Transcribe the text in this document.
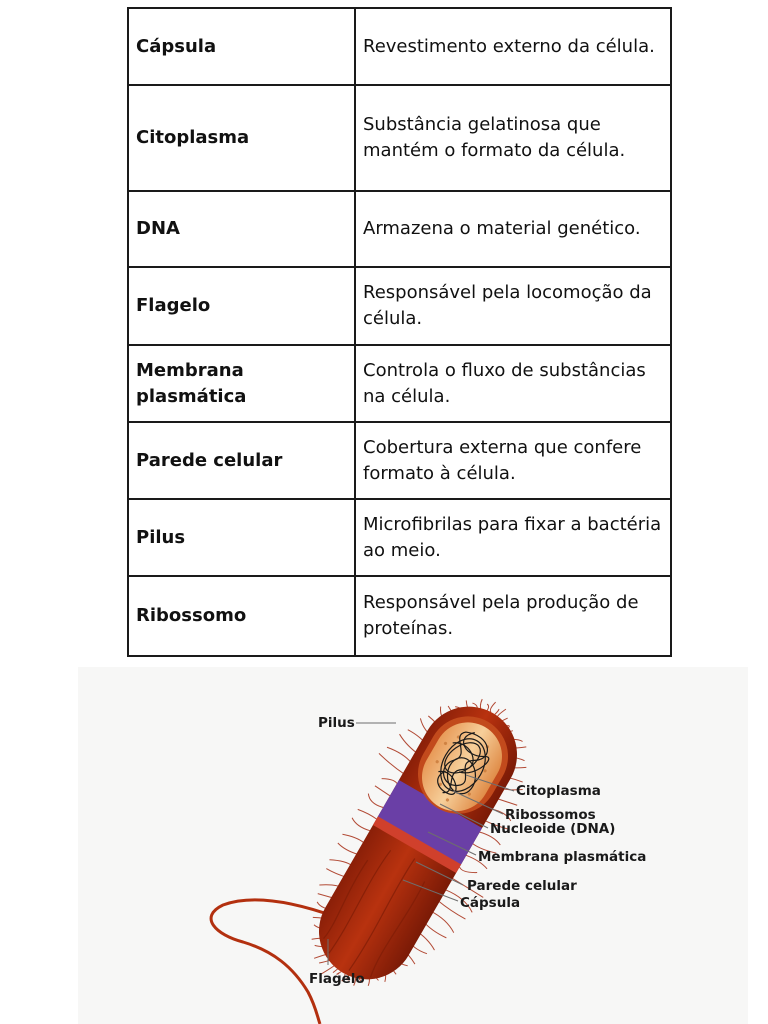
Cápsula	Revestimento externo da célula.
Citoplasma	Substância gelatinosa que mantém o formato da célula.
DNA	Armazena o material genético.
Flagelo	Responsável pela locomoção da célula.
Membrana plasmática	Controla o fluxo de substâncias na célula.
Parede celular	Cobertura externa que confere formato à célula.
Pilus	Microfibrilas para fixar a bactéria ao meio.
Ribossomo	Responsável pela produção de proteínas.
Pilus
Citoplasma
Ribossomos
Nucleoide (DNA)
Membrana plasmática
Parede celular
Cápsula
Flagelo
